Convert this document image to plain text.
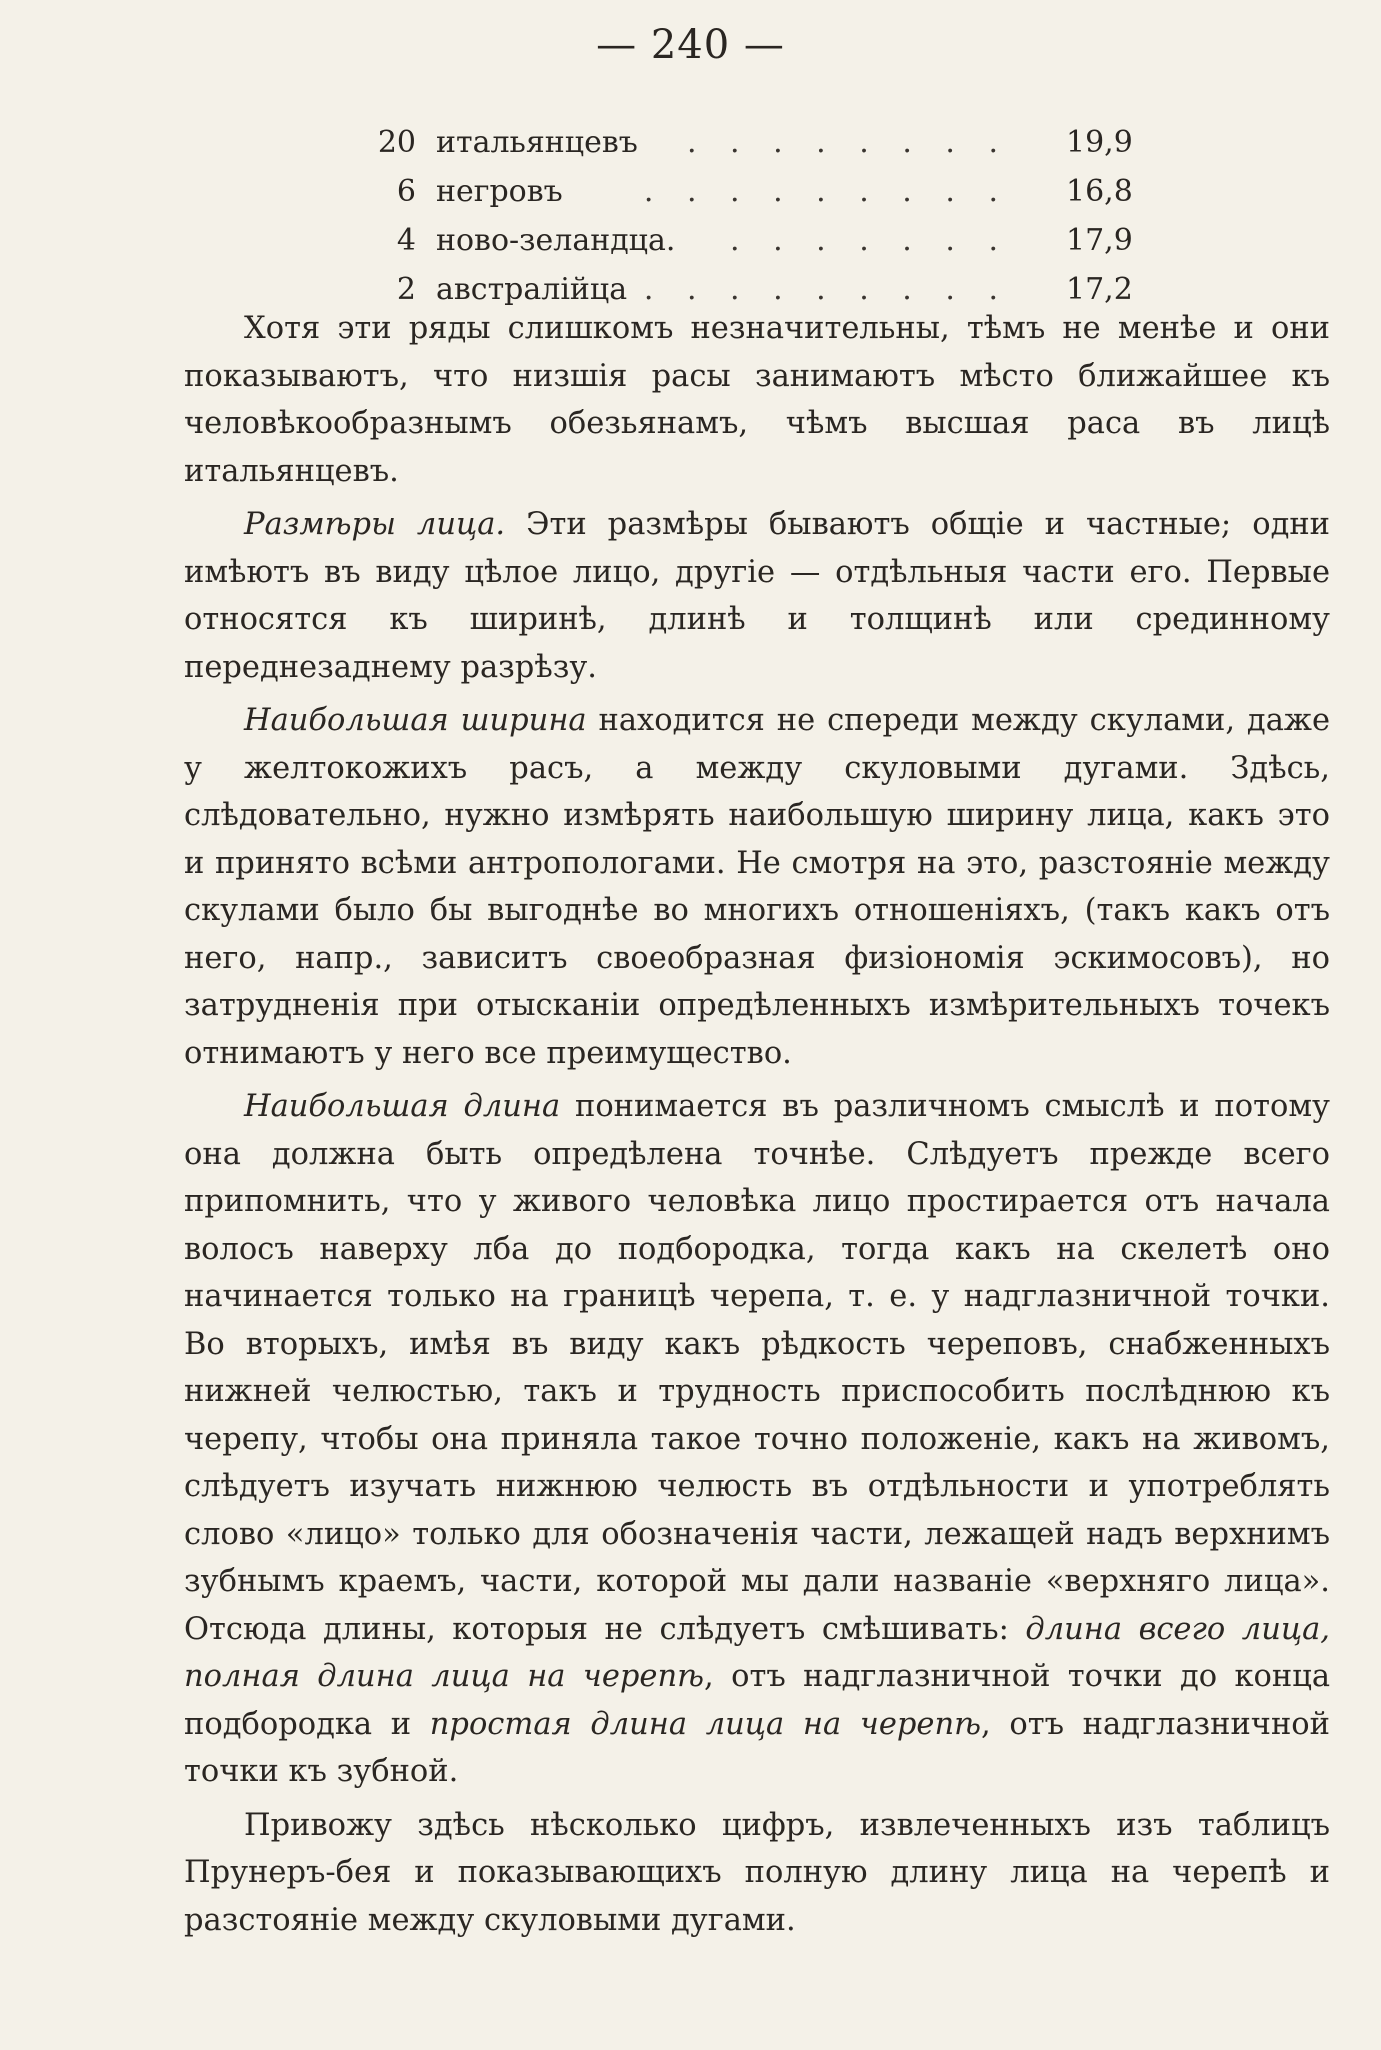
— 240 —
20 итальянцевъ	. . . . . . . . 19,9
6 негровъ	. . . . . . . . . 16,8
4 ново-зеландца.	. . . . . . . 17,9
2 австралійца . . . . . . . . . 17,2

Хотя эти ряды слишкомъ незначительны, тѣмъ не менѣе и они показываютъ, что низшія расы занимаютъ мѣсто ближайшее къ человѣкообразнымъ обезьянамъ, чѣмъ высшая раса въ лицѣ итальянцевъ.

Размѣры лица. Эти размѣры бываютъ общіе и частные; одни имѣютъ въ виду цѣлое лицо, другіе — отдѣльныя части его. Первые относятся къ ширинѣ, длинѣ и толщинѣ или срединному переднезаднему разрѣзу.

Наибольшая ширина находится не спереди между скулами, даже у желтокожихъ расъ, а между скуловыми дугами. Здѣсь, слѣдовательно, нужно измѣрять наибольшую ширину лица, какъ это и принято всѣми антропологами. Не смотря на это, разстояніе между скулами было бы выгоднѣе во многихъ отношеніяхъ, (такъ какъ отъ него, напр., зависитъ своеобразная физіономія эскимосовъ), но затрудненія при отысканіи опредѣленныхъ измѣрительныхъ точекъ отнимаютъ у него все преимущество.

Наибольшая длина понимается въ различномъ смыслѣ и потому она должна быть опредѣлена точнѣе. Слѣдуетъ прежде всего припомнить, что у живого человѣка лицо простирается отъ начала волосъ наверху лба до подбородка, тогда какъ на скелетѣ оно начинается только на границѣ черепа, т. е. у надглазничной точки. Во вторыхъ, имѣя въ виду какъ рѣдкость череповъ, снабженныхъ нижней челюстью, такъ и трудность приспособить послѣднюю къ черепу, чтобы она приняла такое точно положеніе, какъ на живомъ, слѣдуетъ изучать нижнюю челюсть въ отдѣльности и употреблять слово «лицо» только для обозначенія части, лежащей надъ верхнимъ зубнымъ краемъ, части, которой мы дали названіе «верхняго лица». Отсюда длины, которыя не слѣдуетъ смѣшивать: длина всего лица, полная длина лица на черепѣ, отъ надглазничной точки до конца подбородка и простая длина лица на черепѣ, отъ надглазничной точки къ зубной.

Привожу здѣсь нѣсколько цифръ, извлеченныхъ изъ таблицъ Прунеръ-бея и показывающихъ полную длину лица на черепѣ и разстояніе между скуловыми дугами.
